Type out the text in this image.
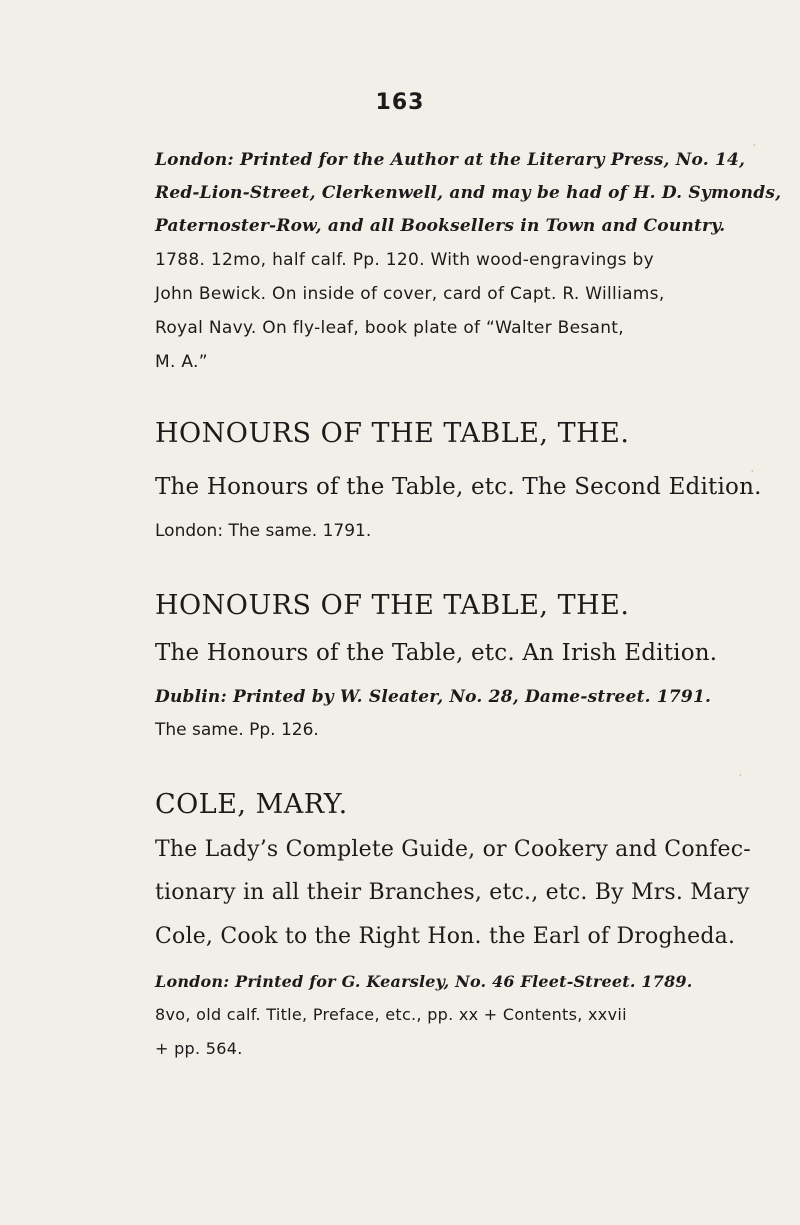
163
.
.
.
London: Printed for the Author at the Literary Press, No. 14,
Red-Lion-Street, Clerkenwell, and may be had of H. D. Symonds,
Paternoster-Row, and all Booksellers in Town and Country.
1788. 12mo, half calf. Pp. 120. With wood-engravings by
John Bewick. On inside of cover, card of Capt. R. Williams,
Royal Navy. On fly-leaf, book plate of “Walter Besant,
M. A.”
HONOURS OF THE TABLE, THE.
The Honours of the Table, etc. The Second Edition.
London: The same. 1791.
HONOURS OF THE TABLE, THE.
The Honours of the Table, etc. An Irish Edition.
Dublin: Printed by W. Sleater, No. 28, Dame-street. 1791.
The same. Pp. 126.
COLE, MARY.
The Lady’s Complete Guide, or Cookery and Confec-
tionary in all their Branches, etc., etc. By Mrs. Mary
Cole, Cook to the Right Hon. the Earl of Drogheda.
London: Printed for G. Kearsley, No. 46 Fleet-Street. 1789.
8vo, old calf. Title, Preface, etc., pp. xx + Contents, xxvii
+ pp. 564.
